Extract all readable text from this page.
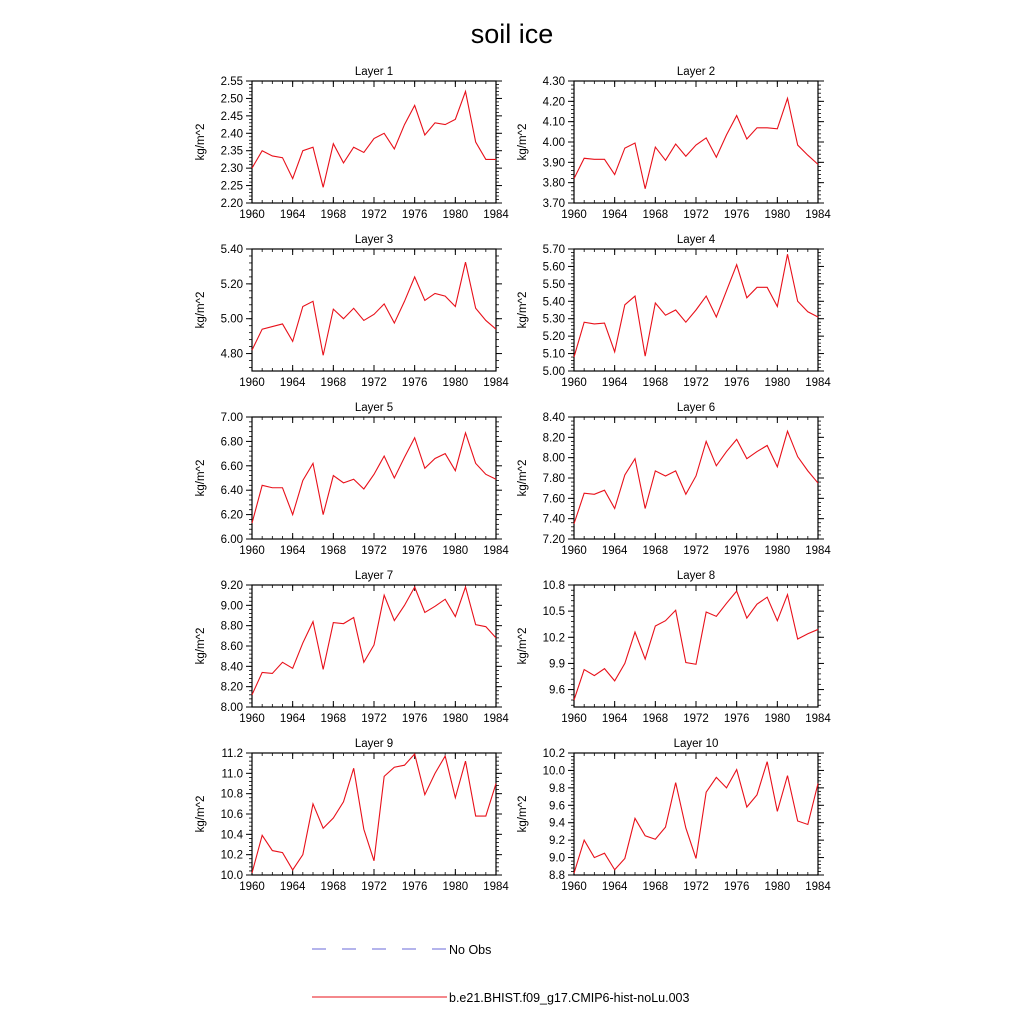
soil ice
Layer 1
kg/m^2
1960 1964 1968 1972 1976 1980 1984
2.20
2.25
2.30
2.35
2.40
2.45
2.50
2.55
Layer 2
kg/m^2
1960 1964 1968 1972 1976 1980 1984
3.70
3.80
3.90
4.00
4.10
4.20
4.30
Layer 3
kg/m^2
1960 1964 1968 1972 1976 1980 1984
4.80
5.00
5.20
5.40
Layer 4
kg/m^2
1960 1964 1968 1972 1976 1980 1984
5.00
5.10
5.20
5.30
5.40
5.50
5.60
5.70
Layer 5
kg/m^2
1960 1964 1968 1972 1976 1980 1984
6.00
6.20
6.40
6.60
6.80
7.00
Layer 6
kg/m^2
1960 1964 1968 1972 1976 1980 1984
7.20
7.40
7.60
7.80
8.00
8.20
8.40
Layer 7
kg/m^2
1960 1964 1968 1972 1976 1980 1984
8.00
8.20
8.40
8.60
8.80
9.00
9.20
Layer 8
kg/m^2
1960 1964 1968 1972 1976 1980 1984
9.6
9.9
10.2
10.5
10.8
Layer 9
kg/m^2
1960 1964 1968 1972 1976 1980 1984
10.0
10.2
10.4
10.6
10.8
11.0
11.2
Layer 10
kg/m^2
1960 1964 1968 1972 1976 1980 1984
8.8
9.0
9.2
9.4
9.6
9.8
10.0
10.2
No Obs
b.e21.BHIST.f09_g17.CMIP6-hist-noLu.003
